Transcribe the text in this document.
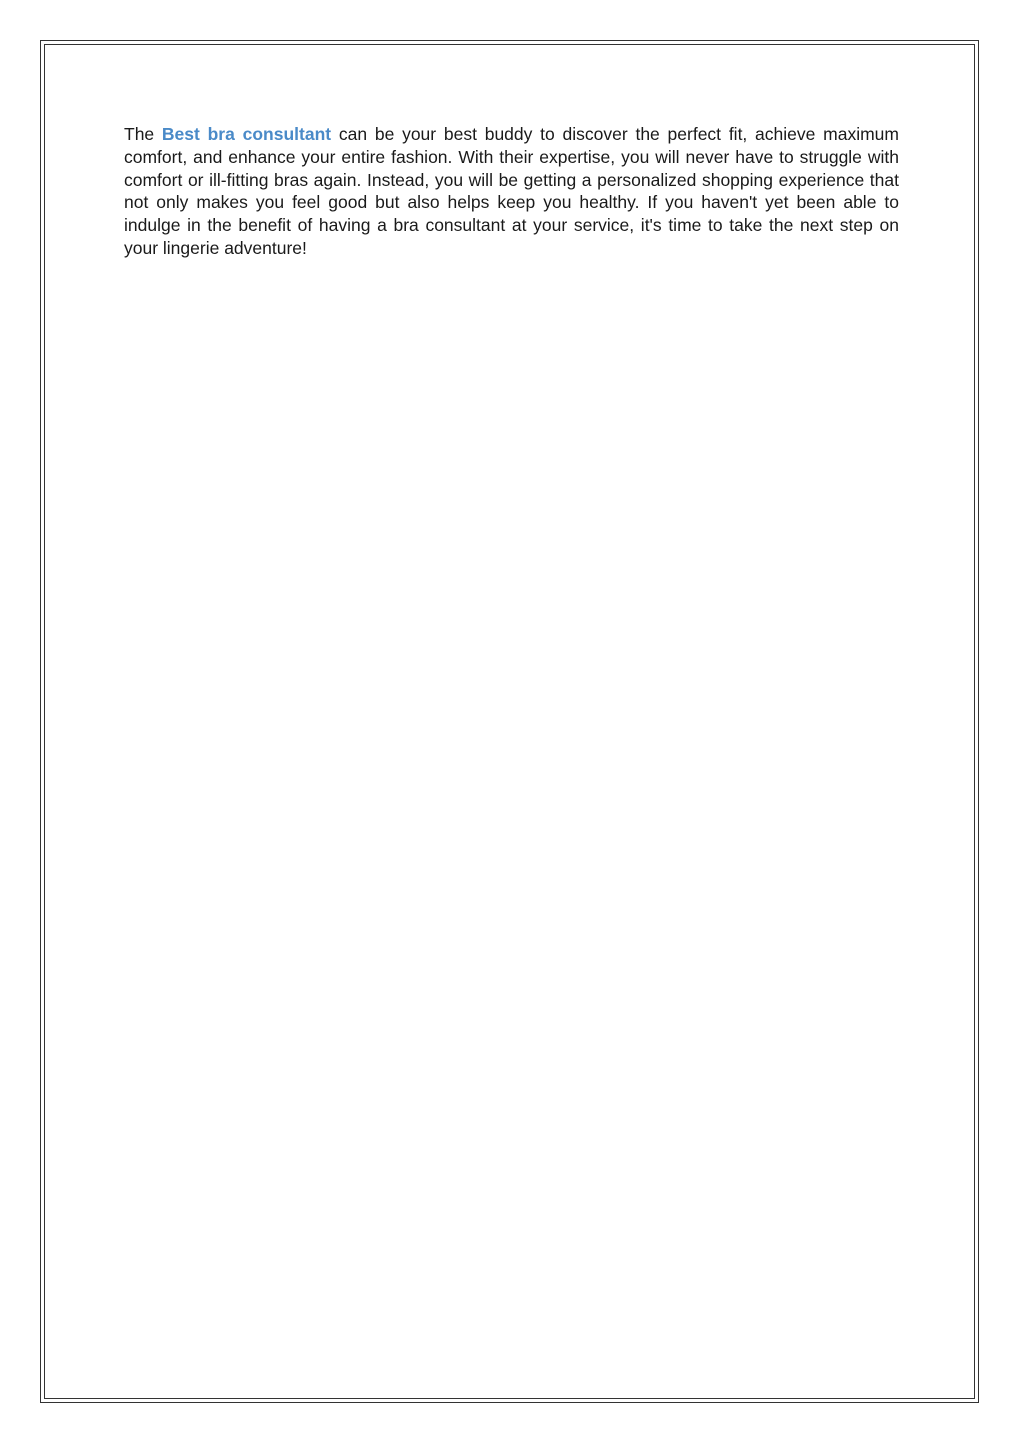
The Best bra consultant can be your best buddy to discover the perfect fit, achieve maximum comfort, and enhance your entire fashion. With their expertise, you will never have to struggle with comfort or ill-fitting bras again. Instead, you will be getting a personalized shopping experience that not only makes you feel good but also helps keep you healthy. If you haven't yet been able to indulge in the benefit of having a bra consultant at your service, it's time to take the next step on your lingerie adventure!
